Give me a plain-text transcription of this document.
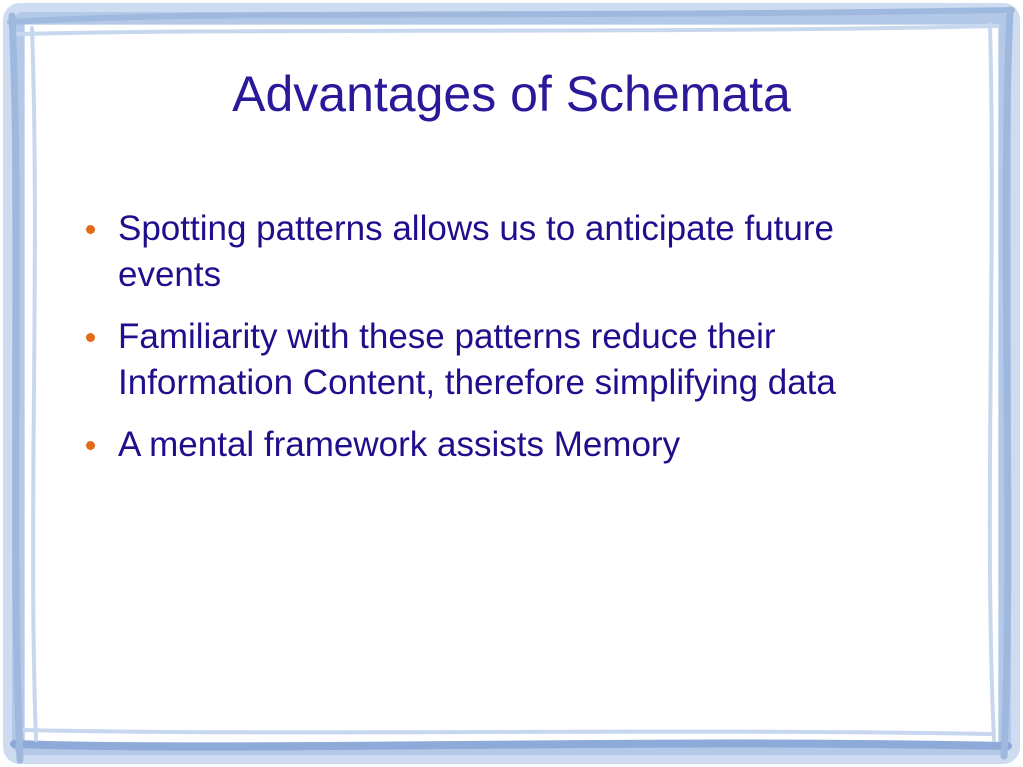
Advantages of Schemata
Spotting patterns allows us to anticipate future
events
Familiarity with these patterns reduce their
Information Content, therefore simplifying data
A mental framework assists Memory
